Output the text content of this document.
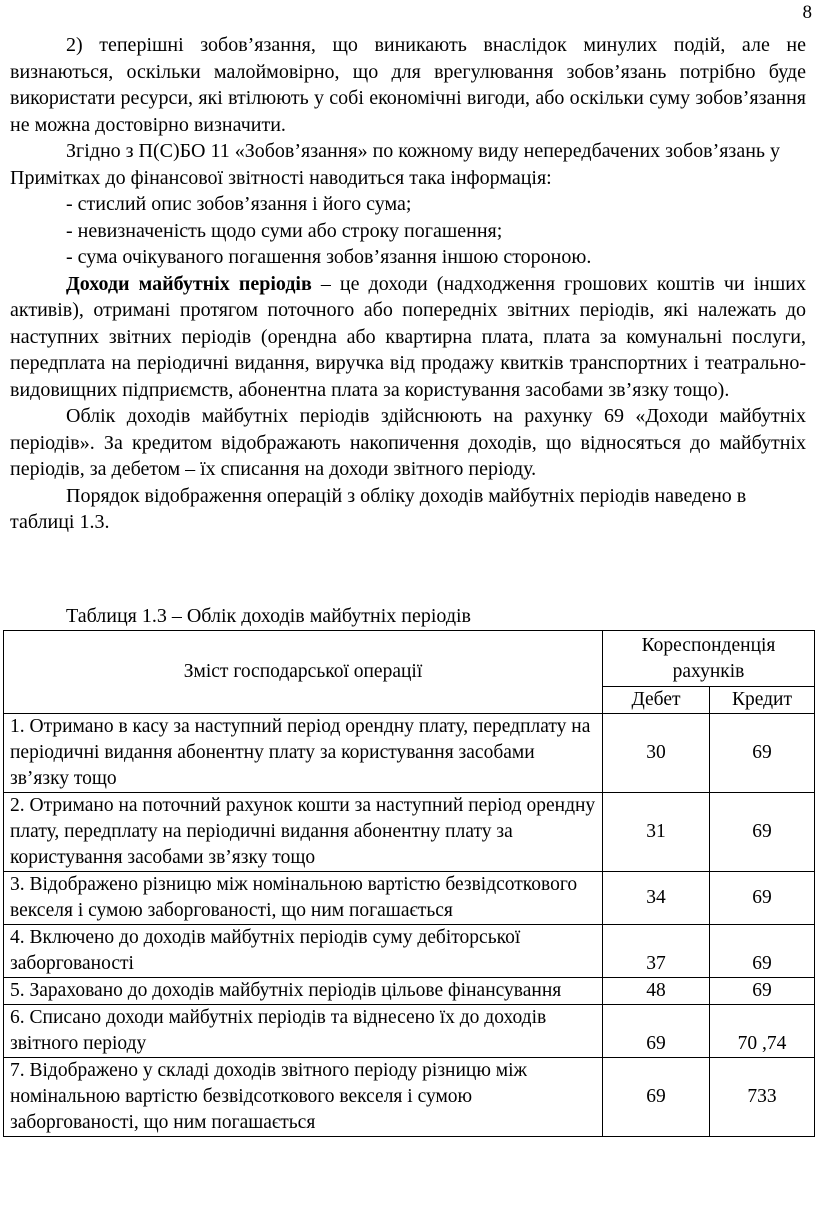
8

2) теперішні зобов’язання, що виникають внаслідок минулих подій, але не визнаються, оскільки малоймовірно, що для врегулювання зобов’язань потрібно буде використати ресурси, які втілюють у собі економічні вигоди, або оскільки суму зобов’язання не можна достовірно визначити.

Згідно з П(С)БО 11 «Зобов’язання» по кожному виду непередбачених зобов’язань у Примітках до фінансової звітності наводиться така інформація:

- стислий опис зобов’язання і його сума;

- невизначеність щодо суми або строку погашення;

- сума очікуваного погашення зобов’язання іншою стороною.

Доходи майбутніх періодів – це доходи (надходження грошових коштів чи інших активів), отримані протягом поточного або попередніх звітних періодів, які належать до наступних звітних періодів (орендна або квартирна плата, плата за комунальні послуги, передплата на періодичні видання, виручка від продажу квитків транспортних і театрально-видовищних підприємств, абонентна плата за користування засобами зв’язку тощо).

Облік доходів майбутніх періодів здійснюють на рахунку 69 «Доходи майбутніх періодів». За кредитом відображають накопичення доходів, що відносяться до майбутніх періодів, за дебетом – їх списання на доходи звітного періоду.

Порядок відображення операцій з обліку доходів майбутніх періодів наведено в таблиці 1.3.

Таблиця 1.3 – Облік доходів майбутніх періодів
Зміст господарської операції	Кореспонденція рахунків	
	Дебет	Кредит
1. Отримано в касу за наступний період орендну плату, передплату на періодичні видання абонентну плату за користування засобами зв’язку тощо	30	69
2. Отримано на поточний рахунок кошти за наступний період орендну плату, передплату на періодичні видання абонентну плату за користування засобами зв’язку тощо	31	69
3. Відображено різницю між номінальною вартістю безвідсоткового векселя і сумою заборгованості, що ним погашається	34	69
4. Включено до доходів майбутніх періодів суму дебіторської заборгованості	37	69
5. Зараховано до доходів майбутніх періодів цільове фінансування	48	69
6. Списано доходи майбутніх періодів та віднесено їх до доходів звітного періоду	69	70 ,74
7. Відображено у складі доходів звітного періоду різницю між номінальною вартістю безвідсоткового векселя і сумою заборгованості, що ним погашається	69	733
